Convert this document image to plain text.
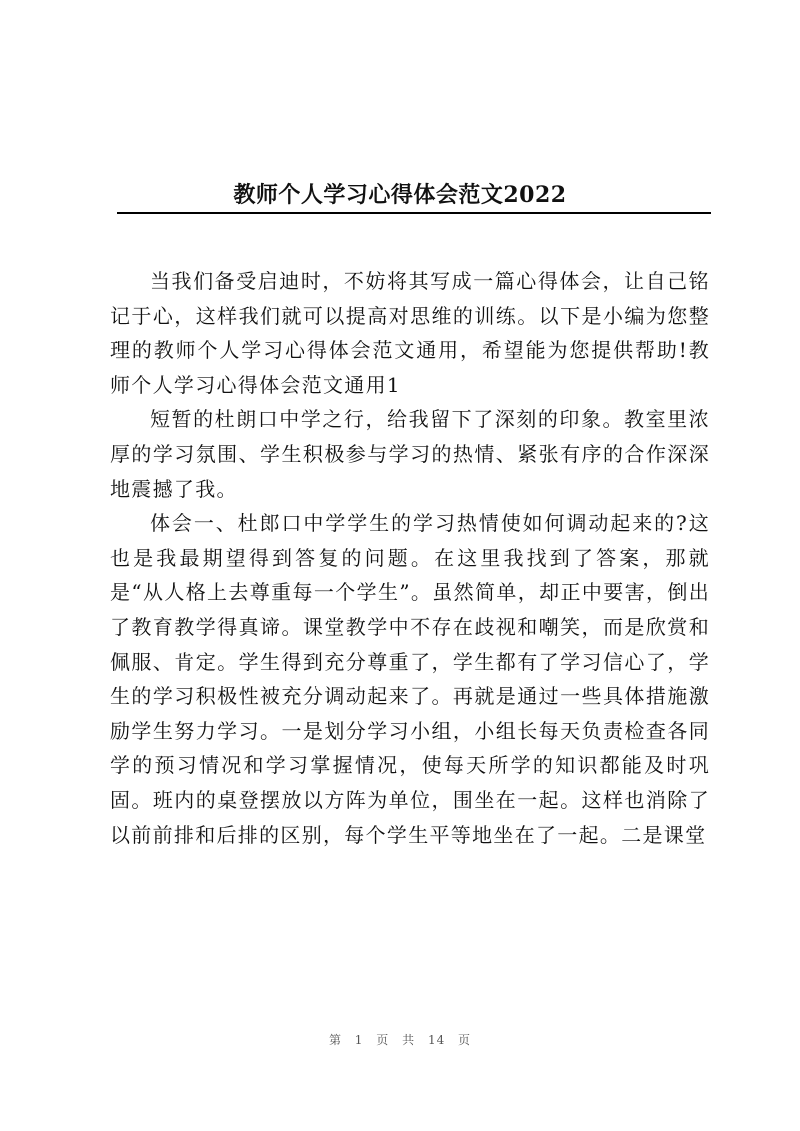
教师个人学习心得体会范文2022

当我们备受启迪时，不妨将其写成一篇心得体会，让自己铭记于心，这样我们就可以提高对思维的训练。以下是小编为您整理的教师个人学习心得体会范文通用，希望能为您提供帮助!教师个人学习心得体会范文通用1

短暂的杜朗口中学之行，给我留下了深刻的印象。教室里浓厚的学习氛围、学生积极参与学习的热情、紧张有序的合作深深地震撼了我。

体会一、杜郎口中学学生的学习热情使如何调动起来的?这也是我最期望得到答复的问题。在这里我找到了答案，那就是“从人格上去尊重每一个学生”。虽然简单，却正中要害，倒出了教育教学得真谛。课堂教学中不存在歧视和嘲笑，而是欣赏和佩服、肯定。学生得到充分尊重了，学生都有了学习信心了，学生的学习积极性被充分调动起来了。再就是通过一些具体措施激励学生努力学习。一是划分学习小组，小组长每天负责检查各同学的预习情况和学习掌握情况，使每天所学的知识都能及时巩固。班内的桌登摆放以方阵为单位，围坐在一起。这样也消除了以前前排和后排的区别，每个学生平等地坐在了一起。二是课堂

第 1 页 共 14 页
